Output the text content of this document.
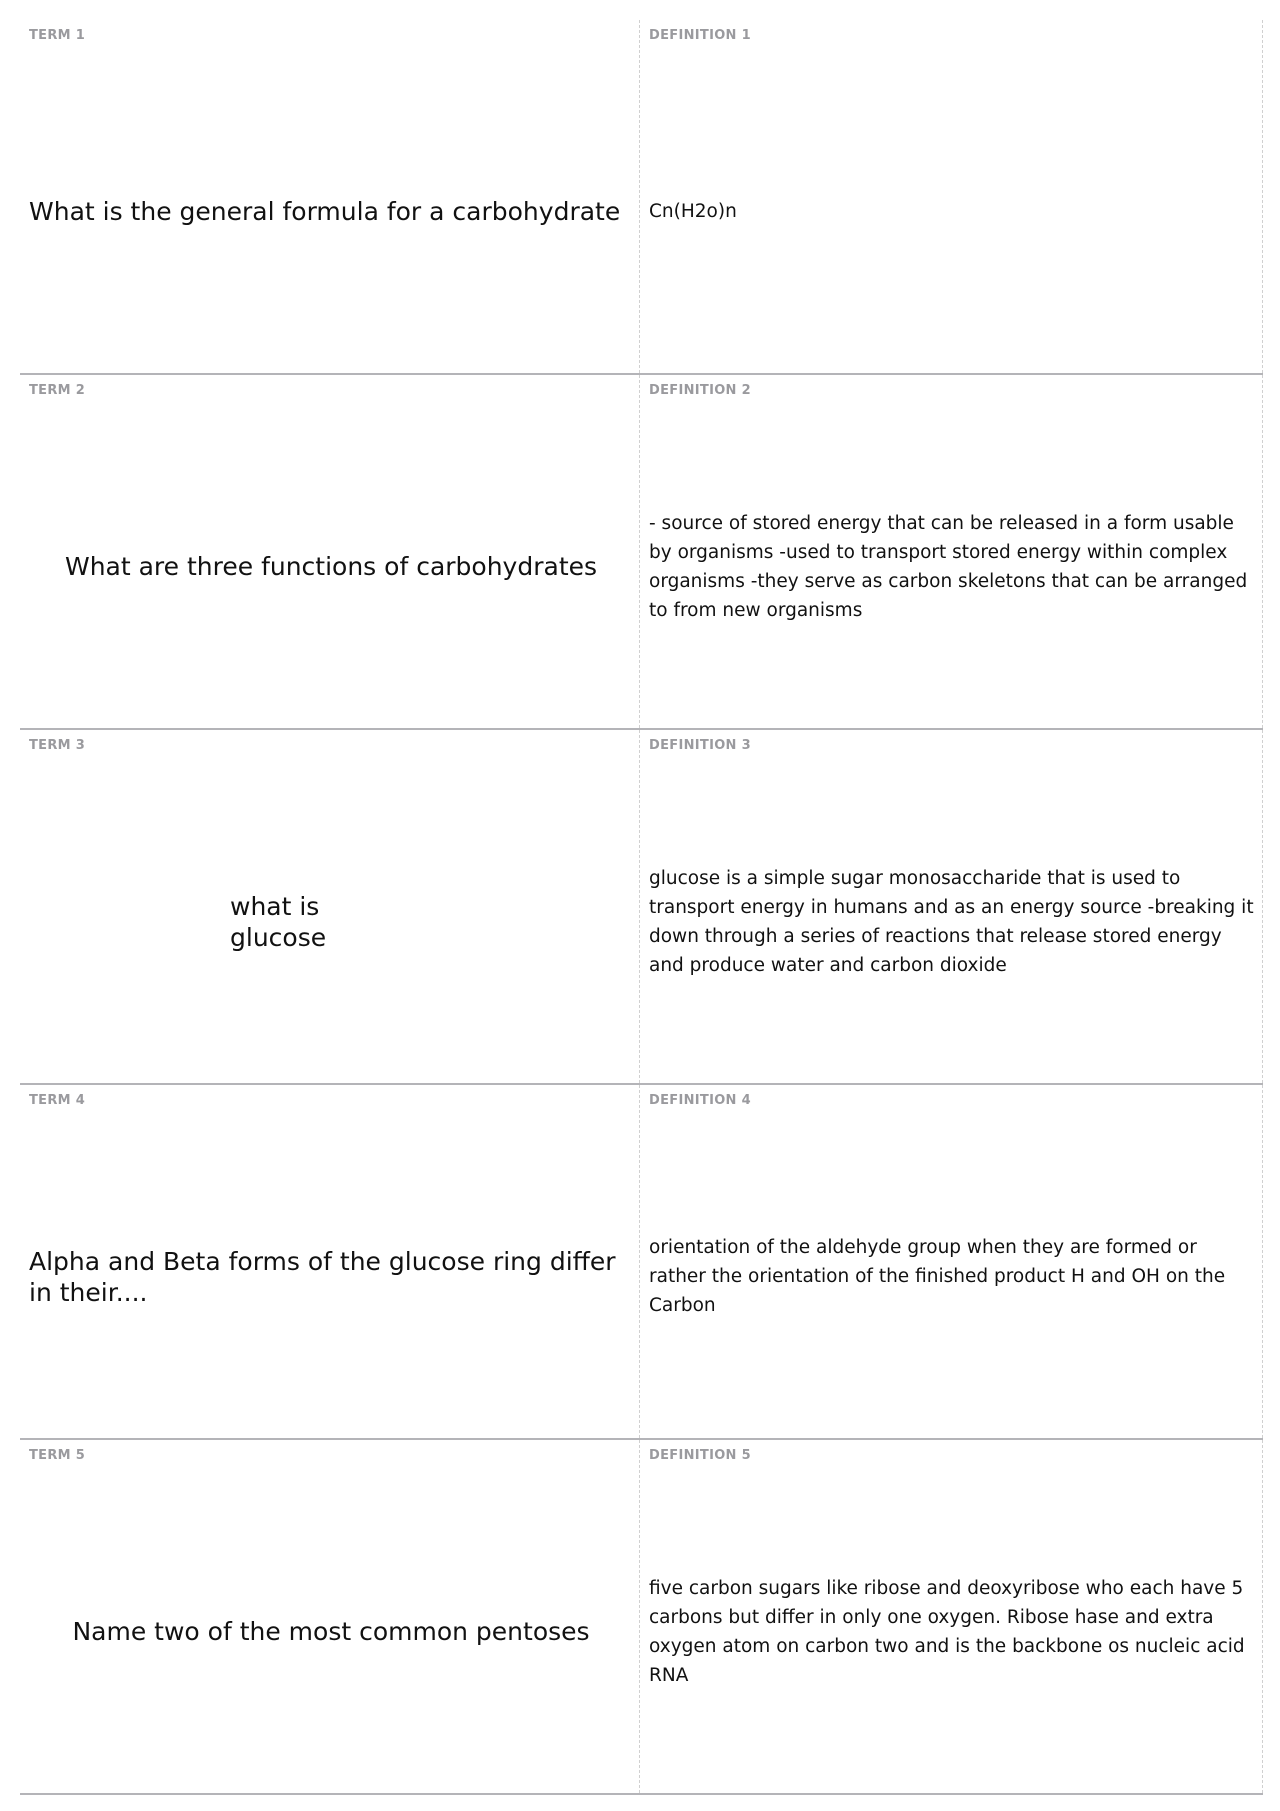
TERM 1
What is the general formula for a carbohydrate
DEFINITION 1
Cn(H2o)n
TERM 2
What are three functions of carbohydrates
DEFINITION 2
- source of stored energy that can be released in a form usable by organisms -used to transport stored energy within complex organisms -they serve as carbon skeletons that can be arranged to from new organisms
TERM 3
what is glucose
DEFINITION 3
glucose is a simple sugar monosaccharide that is used to transport energy in humans and as an energy source -breaking it down through a series of reactions that release stored energy and produce water and carbon dioxide
TERM 4
Alpha and Beta forms of the glucose ring differ in their....
DEFINITION 4
orientation of the aldehyde group when they are formed or rather the orientation of the finished product H and OH on the Carbon
TERM 5
Name two of the most common pentoses
DEFINITION 5
five carbon sugars like ribose and deoxyribose who each have 5 carbons but differ in only one oxygen. Ribose hase and extra oxygen atom on carbon two and is the backbone os nucleic acid RNA
